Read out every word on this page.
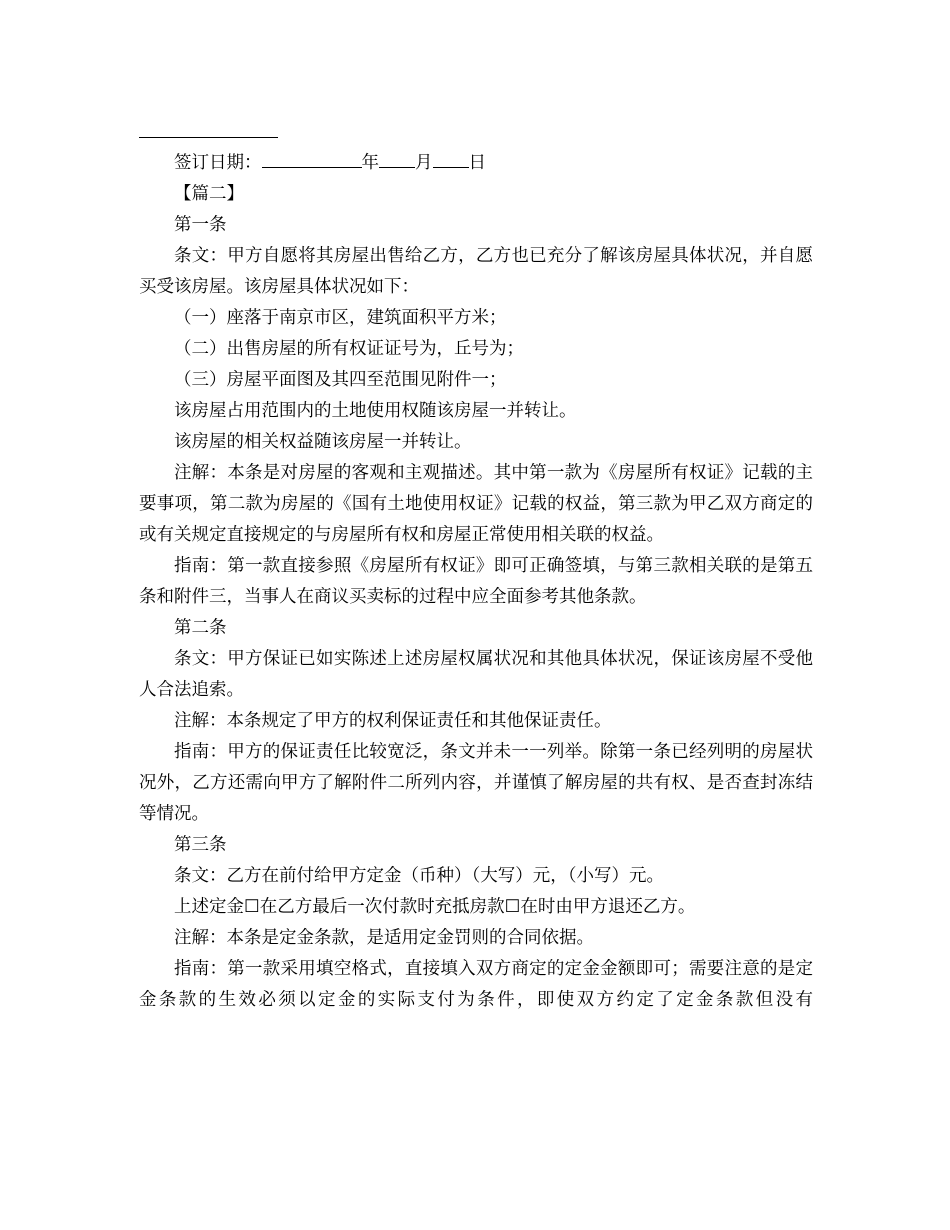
签订日期：	年 月 日

【篇二】

第一条

条文：甲方自愿将其房屋出售给乙方，乙方也已充分了解该房屋具体状况，并自愿买受该房屋。该房屋具体状况如下：

（一）座落于南京市区，建筑面积平方米；

（二）出售房屋的所有权证证号为，丘号为；

（三）房屋平面图及其四至范围见附件一；

该房屋占用范围内的土地使用权随该房屋一并转让。

该房屋的相关权益随该房屋一并转让。

注解：本条是对房屋的客观和主观描述。其中第一款为《房屋所有权证》记载的主要事项，第二款为房屋的《国有土地使用权证》记载的权益，第三款为甲乙双方商定的或有关规定直接规定的与房屋所有权和房屋正常使用相关联的权益。

指南：第一款直接参照《房屋所有权证》即可正确签填，与第三款相关联的是第五条和附件三，当事人在商议买卖标的过程中应全面参考其他条款。

第二条

条文：甲方保证已如实陈述上述房屋权属状况和其他具体状况，保证该房屋不受他人合法追索。

注解：本条规定了甲方的权利保证责任和其他保证责任。

指南：甲方的保证责任比较宽泛，条文并未一一列举。除第一条已经列明的房屋状况外，乙方还需向甲方了解附件二所列内容，并谨慎了解房屋的共有权、是否查封冻结等情况。

第三条

条文：乙方在前付给甲方定金（币种）（大写）元，（小写）元。

上述定金☐在乙方最后一次付款时充抵房款☐在时由甲方退还乙方。

注解：本条是定金条款，是适用定金罚则的合同依据。

指南：第一款采用填空格式，直接填入双方商定的定金金额即可；需要注意的是定金条款的生效必须以定金的实际支付为条件，即使双方约定了定金条款但没有
